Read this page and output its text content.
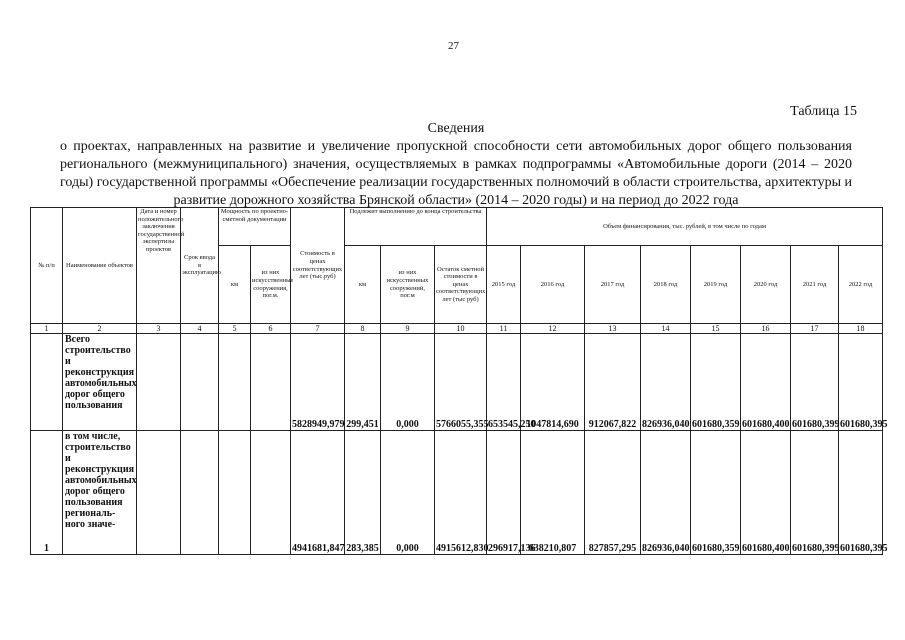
27
Таблица 15
Сведения
о проектах, направленных на развитие и увеличение пропускной способности сети автомобильных дорог общего пользования регионального (межмуниципального) значения, осуществляемых в рамках подпрограммы «Автомобильные дороги (2014 – 2020 годы) государственной программы «Обеспечение реализации государственных полномочий в области строительства, архитектуры и развитие дорожного хозяйства Брянской области» (2014 – 2020 годы) и на период до 2022 года
№ п/п	Наименование объектов	Дата и номер положительного заключения государственной экспертизы проектов	Срок ввода в эксплуатацию	Мощность по проектно-сметной документации		Стоимость в ценах соответствующих лет (тыс.руб)	Подлежит выполнению до конца строительства			Объем финансирования, тыс. рублей, в том числе по годам							
				км	из них искусственные сооружения, пог.м.		км	из них искусственных сооружений, пог.м	Остаток сметной стоимости в ценах соответствующих лет (тыс руб)	2015 год	2016 год	2017 год	2018 год	2019 год	2020 год	2021 год	2022 год
1	2	3	4	5	6	7	8	9	10	11	12	13	14	15	16	17	18
	Всего строительство и реконструкция автомобильных дорог общего пользования					5828949,979	299,451	0,000	5766055,355	653545,250	1047814,690	912067,822	826936,040	601680,359	601680,400	601680,399	601680,395
1	в том числе, строительство и реконструкция автомобильных дорог общего пользования региональ-ного значе-					4941681,847	283,385	0,000	4915612,830	296917,136	638210,807	827857,295	826936,040	601680,359	601680,400	601680,399	601680,395
